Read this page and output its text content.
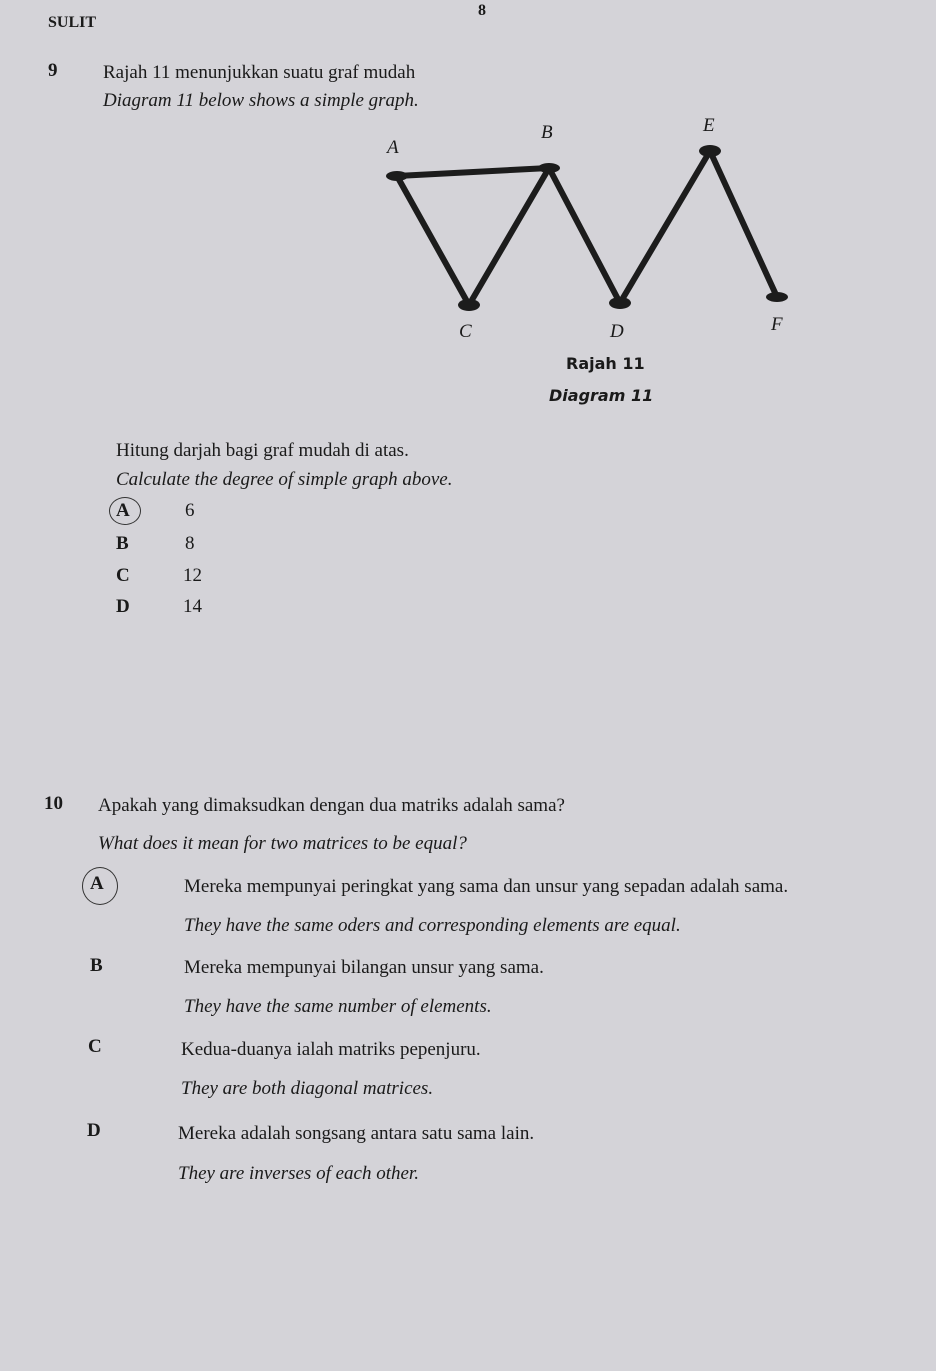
SULIT
8
9 Rajah 11 menunjukkan suatu graf mudah
Diagram 11 below shows a simple graph.
A
B
C	D
E
F
Rajah 11
Diagram 11
Hitung darjah bagi graf mudah di atas.
Calculate the degree of simple graph above.
A	6
B	8
C	12
D	14
10 Apakah yang dimaksudkan dengan dua matriks adalah sama?
What does it mean for two matrices to be equal?
A	Mereka mempunyai peringkat yang sama dan unsur yang sepadan adalah sama.
They have the same oders and corresponding elements are equal.
B	Mereka mempunyai bilangan unsur yang sama.
They have the same number of elements.
C	Kedua-duanya ialah matriks pepenjuru.
They are both diagonal matrices.
D	Mereka adalah songsang antara satu sama lain.
They are inverses of each other.
